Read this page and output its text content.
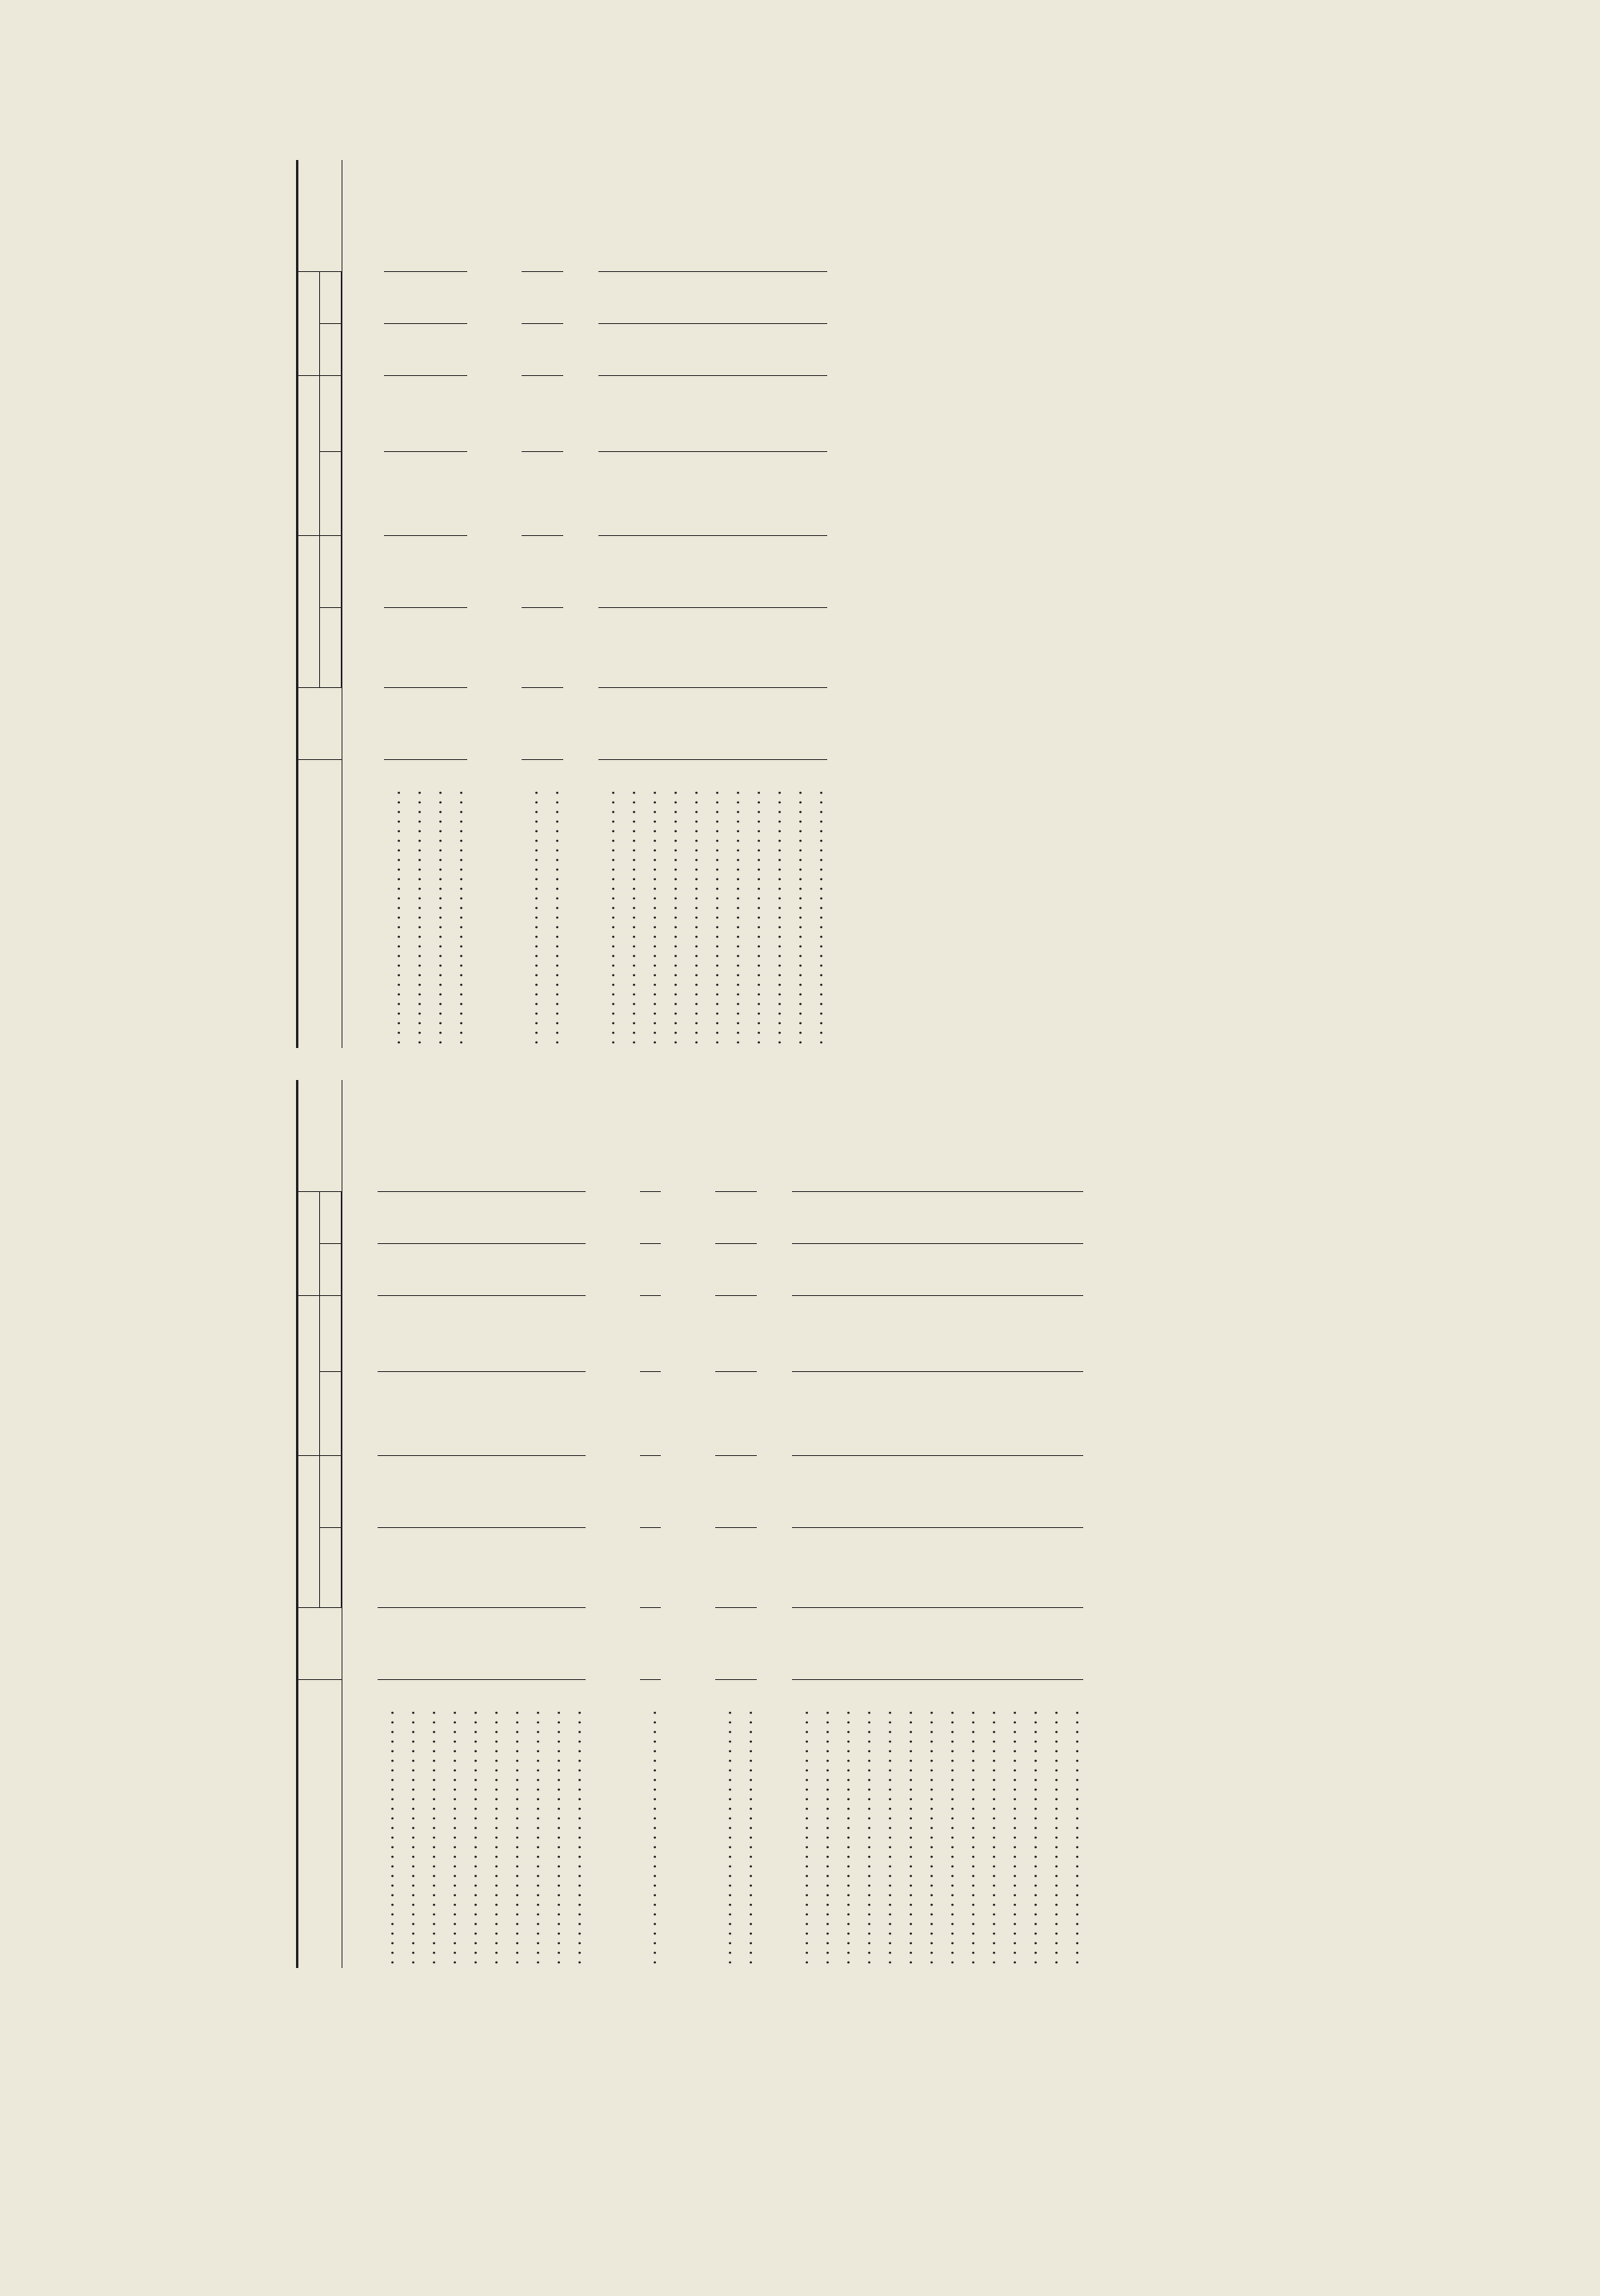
. . .								
. . .								
. . .								
. . .								
. . .								
. . .								
. . .								
. . .								
. . .								
. . .								

. . .								

. . .								
. . .								

. . .								
. . .								
. . .								
. . .								
. . .								
. . .								
. . .								
. . .								
. . .								
. . .								
. . .								
. . .								
. . .								
. . .								

. . .								
. . .								
. . .								
. . .								

. . .								
. . .								

. . .								
. . .								
. . .								
. . .								
. . .								
. . .								
. . .								
. . .								
. . .								
. . .								
. . .								
